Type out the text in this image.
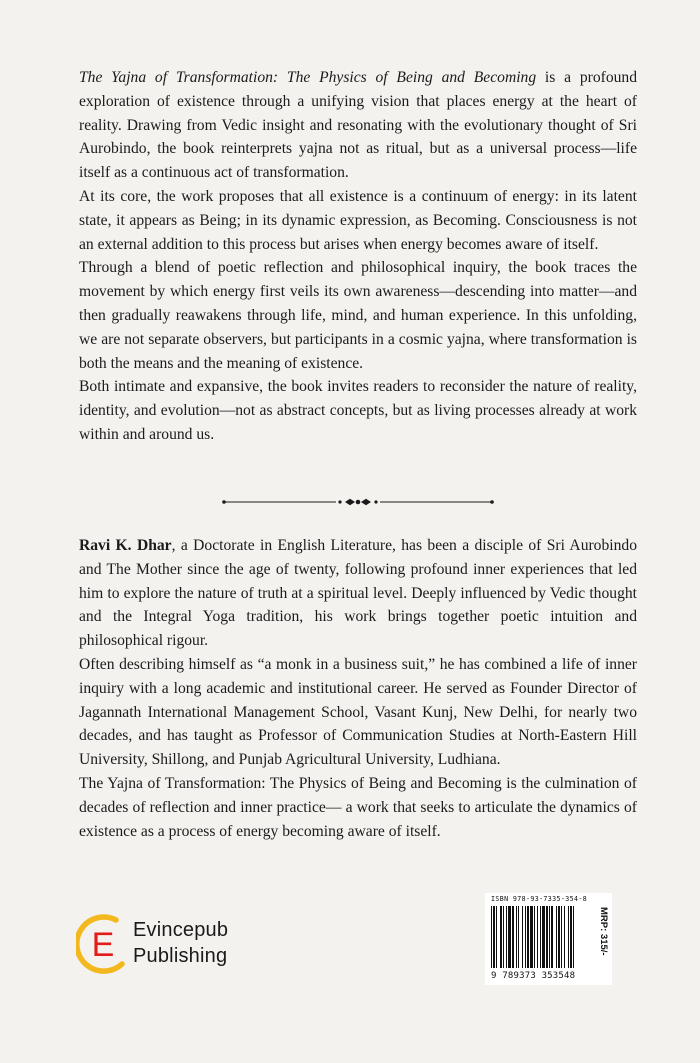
The Yajna of Transformation: The Physics of Being and Becoming is a profound exploration of existence through a unifying vision that places energy at the heart of reality. Drawing from Vedic insight and resonating with the evolutionary thought of Sri Aurobindo, the book reinterprets yajna not as ritual, but as a universal process—life itself as a continuous act of transformation.

At its core, the work proposes that all existence is a continuum of energy: in its latent state, it appears as Being; in its dynamic expression, as Becoming. Consciousness is not an external addition to this process but arises when energy becomes aware of itself.

Through a blend of poetic reflection and philosophical inquiry, the book traces the movement by which energy first veils its own awareness—descending into matter—and then gradually reawakens through life, mind, and human experience. In this unfolding, we are not separate observers, but participants in a cosmic yajna, where transformation is both the means and the meaning of existence.

Both intimate and expansive, the book invites readers to reconsider the nature of reality, identity, and evolution—not as abstract concepts, but as living processes already at work within and around us.

Ravi K. Dhar, a Doctorate in English Literature, has been a disciple of Sri Aurobindo and The Mother since the age of twenty, following profound inner experiences that led him to explore the nature of truth at a spiritual level. Deeply influenced by Vedic thought and the Integral Yoga tradition, his work brings together poetic intuition and philosophical rigour.

Often describing himself as “a monk in a business suit,” he has combined a life of inner inquiry with a long academic and institutional career. He served as Founder Director of Jagannath International Management School, Vasant Kunj, New Delhi, for nearly two decades, and has taught as Professor of Communication Studies at North-Eastern Hill University, Shillong, and Punjab Agricultural University, Ludhiana.

The Yajna of Transformation: The Physics of Being and Becoming is the culmination of decades of reflection and inner practice— a work that seeks to articulate the dynamics of existence as a process of energy becoming aware of itself.

E Evincepub
Publishing
ISBN 978-93-7335-354-8
9 789373 353548
MRP: 315/-
